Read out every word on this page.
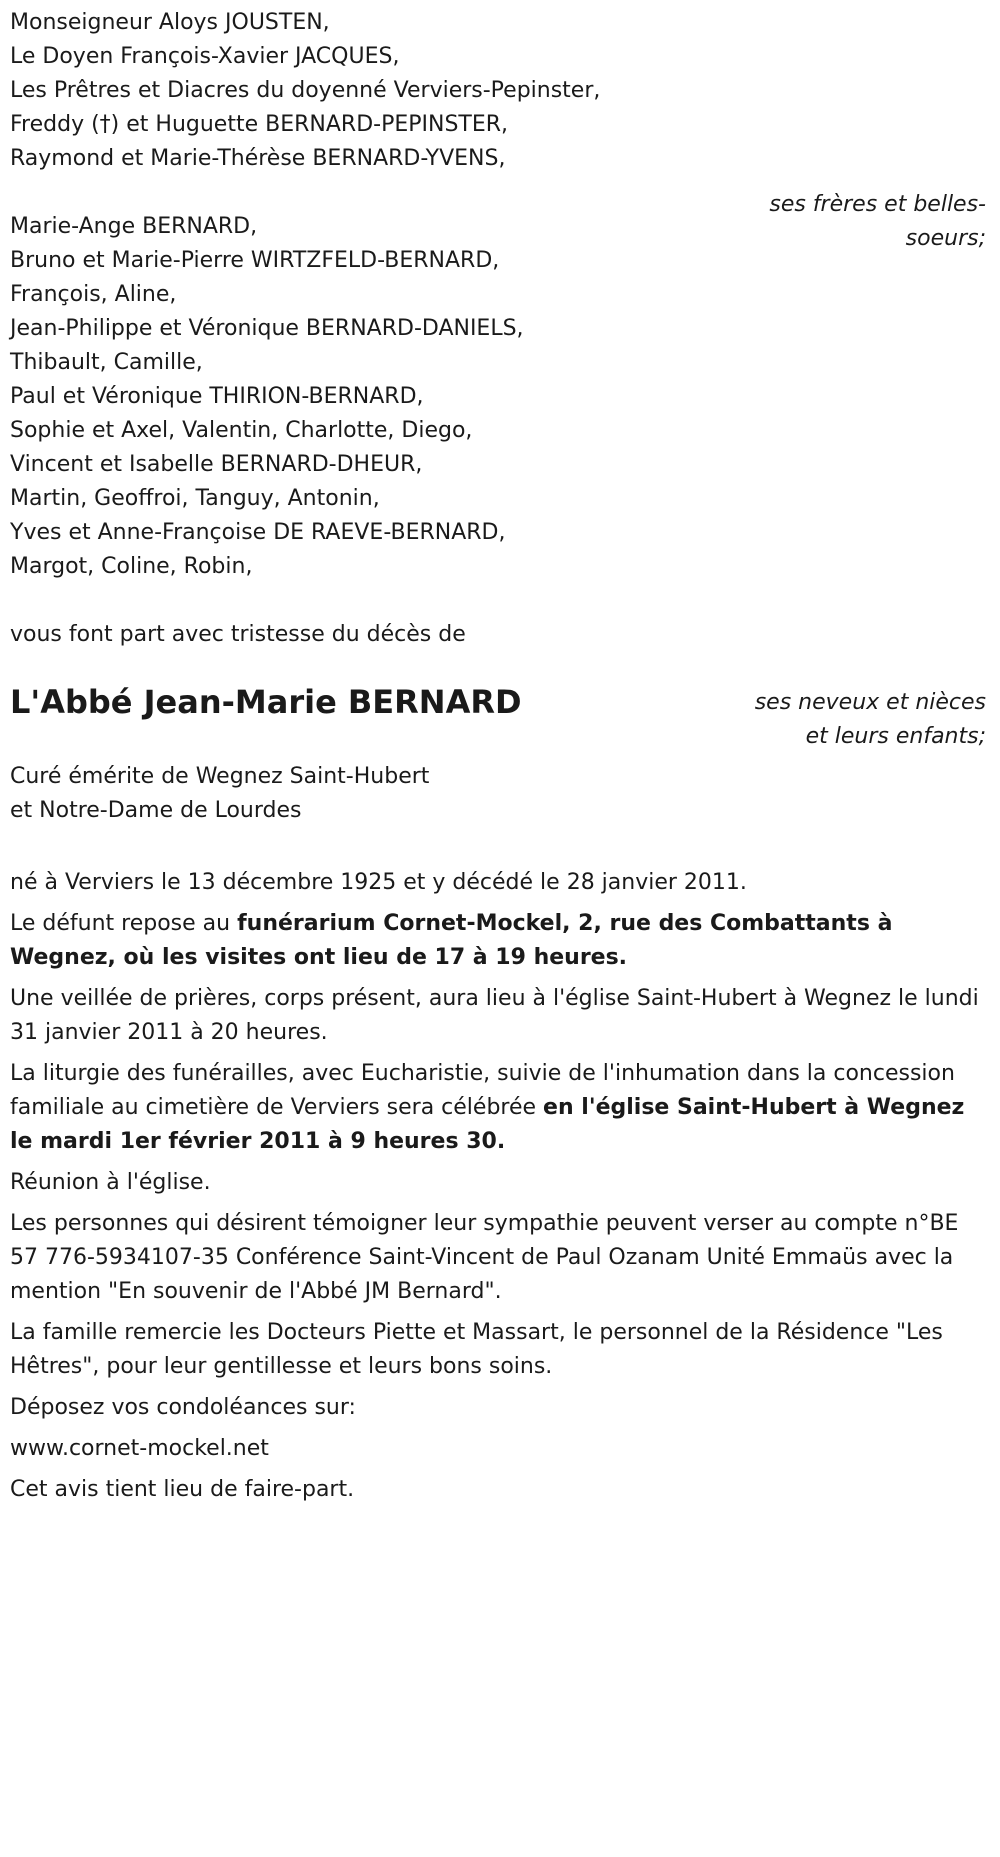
Monseigneur Aloys JOUSTEN,
Le Doyen François-Xavier JACQUES,
Les Prêtres et Diacres du doyenné Verviers-Pepinster,
Freddy (†) et Huguette BERNARD-PEPINSTER,
Raymond et Marie-Thérèse BERNARD-YVENS,
ses frères et belles-soeurs;
Marie-Ange BERNARD,
Bruno et Marie-Pierre WIRTZFELD-BERNARD,
François, Aline,
Jean-Philippe et Véronique BERNARD-DANIELS,
Thibault, Camille,
Paul et Véronique THIRION-BERNARD,
Sophie et Axel, Valentin, Charlotte, Diego,
Vincent et Isabelle BERNARD-DHEUR,
Martin, Geoffroi, Tanguy, Antonin,
Yves et Anne-Françoise DE RAEVE-BERNARD,
Margot, Coline, Robin,
ses neveux et nièces et leurs enfants;
vous font part avec tristesse du décès de
L'Abbé Jean-Marie BERNARD
Curé émérite de Wegnez Saint-Hubert
et Notre-Dame de Lourdes
né à Verviers le 13 décembre 1925 et y décédé le 28 janvier 2011.
Le défunt repose au funérarium Cornet-Mockel, 2, rue des Combattants à Wegnez, où les visites ont lieu de 17 à 19 heures.
Une veillée de prières, corps présent, aura lieu à l'église Saint-Hubert à Wegnez le lundi 31 janvier 2011 à 20 heures.
La liturgie des funérailles, avec Eucharistie, suivie de l'inhumation dans la concession familiale au cimetière de Verviers sera célébrée en l'église Saint-Hubert à Wegnez le mardi 1er février 2011 à 9 heures 30.
Réunion à l'église.
Les personnes qui désirent témoigner leur sympathie peuvent verser au compte n°BE 57 776-5934107-35 Conférence Saint-Vincent de Paul Ozanam Unité Emmaüs avec la mention "En souvenir de l'Abbé JM Bernard".
La famille remercie les Docteurs Piette et Massart, le personnel de la Résidence "Les Hêtres", pour leur gentillesse et leurs bons soins.
Déposez vos condoléances sur:
www.cornet-mockel.net
Cet avis tient lieu de faire-part.
